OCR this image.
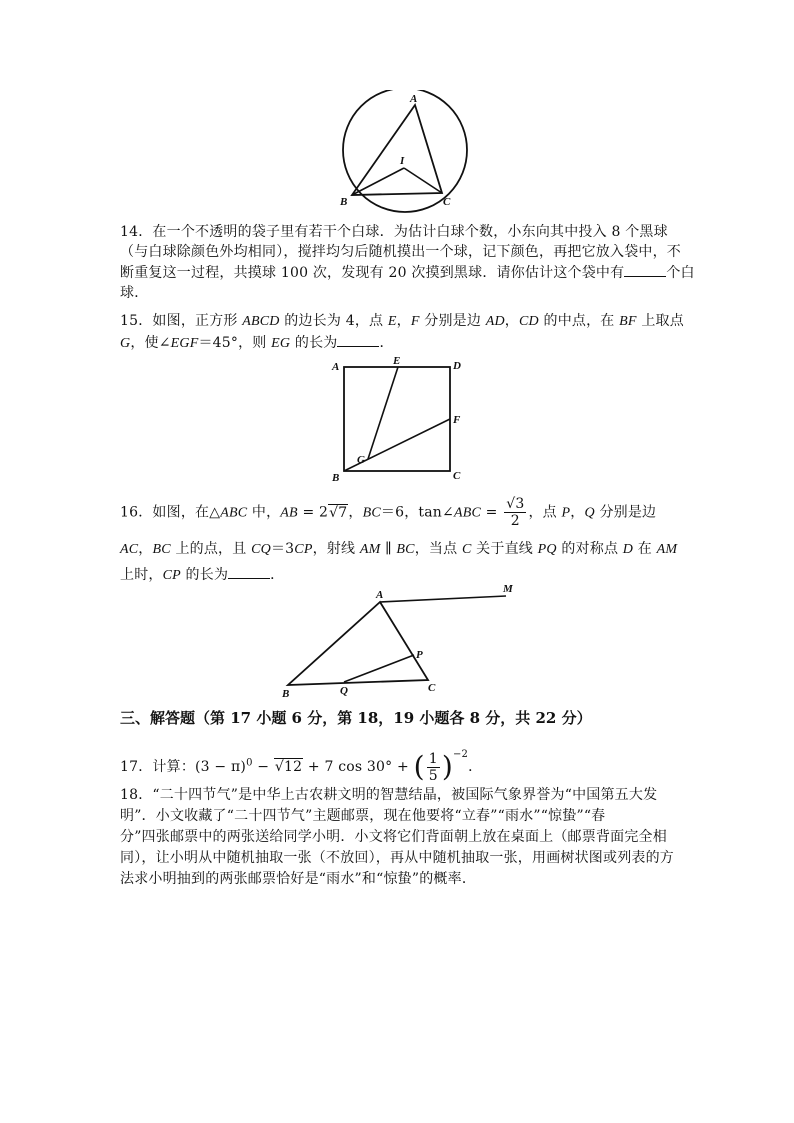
A
B	C
I
14．在一个不透明的袋子里有若干个白球．为估计白球个数，小东向其中投入 8 个黑球
（与白球除颜色外均相同），搅拌均匀后随机摸出一个球，记下颜色，再把它放入袋中，不
断重复这一过程，共摸球 100 次，发现有 20 次摸到黑球．请你估计这个袋中有	个白
球．
15．如图，正方形 ABCD 的边长为 4，点 E，F 分别是边 AD，CD 的中点，在 BF 上取点
G，使∠EGF＝45°，则 EG 的长为	．
A	E	D
F
G
B	C
16．如图，在△ABC 中，AB = 2√7，BC＝6，tan∠ABC = $\frac{√3}{2}$ ，点 P，Q 分别是边
AC，BC 上的点，且 CQ＝3CP，射线 AM ∥ BC，当点 C 关于直线 PQ 的对称点 D 在 AM
上时，CP 的长为	．
A	M
P
Q
B	C
三、解答题（第 17 小题 6 分，第 18，19 小题各 8 分，共 22 分）
17．计算：$(3 - \pi)^0 - √12 + 7$ cos 30° + ( $\frac{1}{5} )^{-2}$．
18．“二十四节气”是中华上古农耕文明的智慧结晶，被国际气象界誉为“中国第五大发
明”．小文收藏了“二十四节气”主题邮票，现在他要将“立春”“雨水”“惊蛰”“春
分”四张邮票中的两张送给同学小明．小文将它们背面朝上放在桌面上（邮票背面完全相
同），让小明从中随机抽取一张（不放回），再从中随机抽取一张，用画树状图或列表的方
法求小明抽到的两张邮票恰好是“雨水”和“惊蛰”的概率．
